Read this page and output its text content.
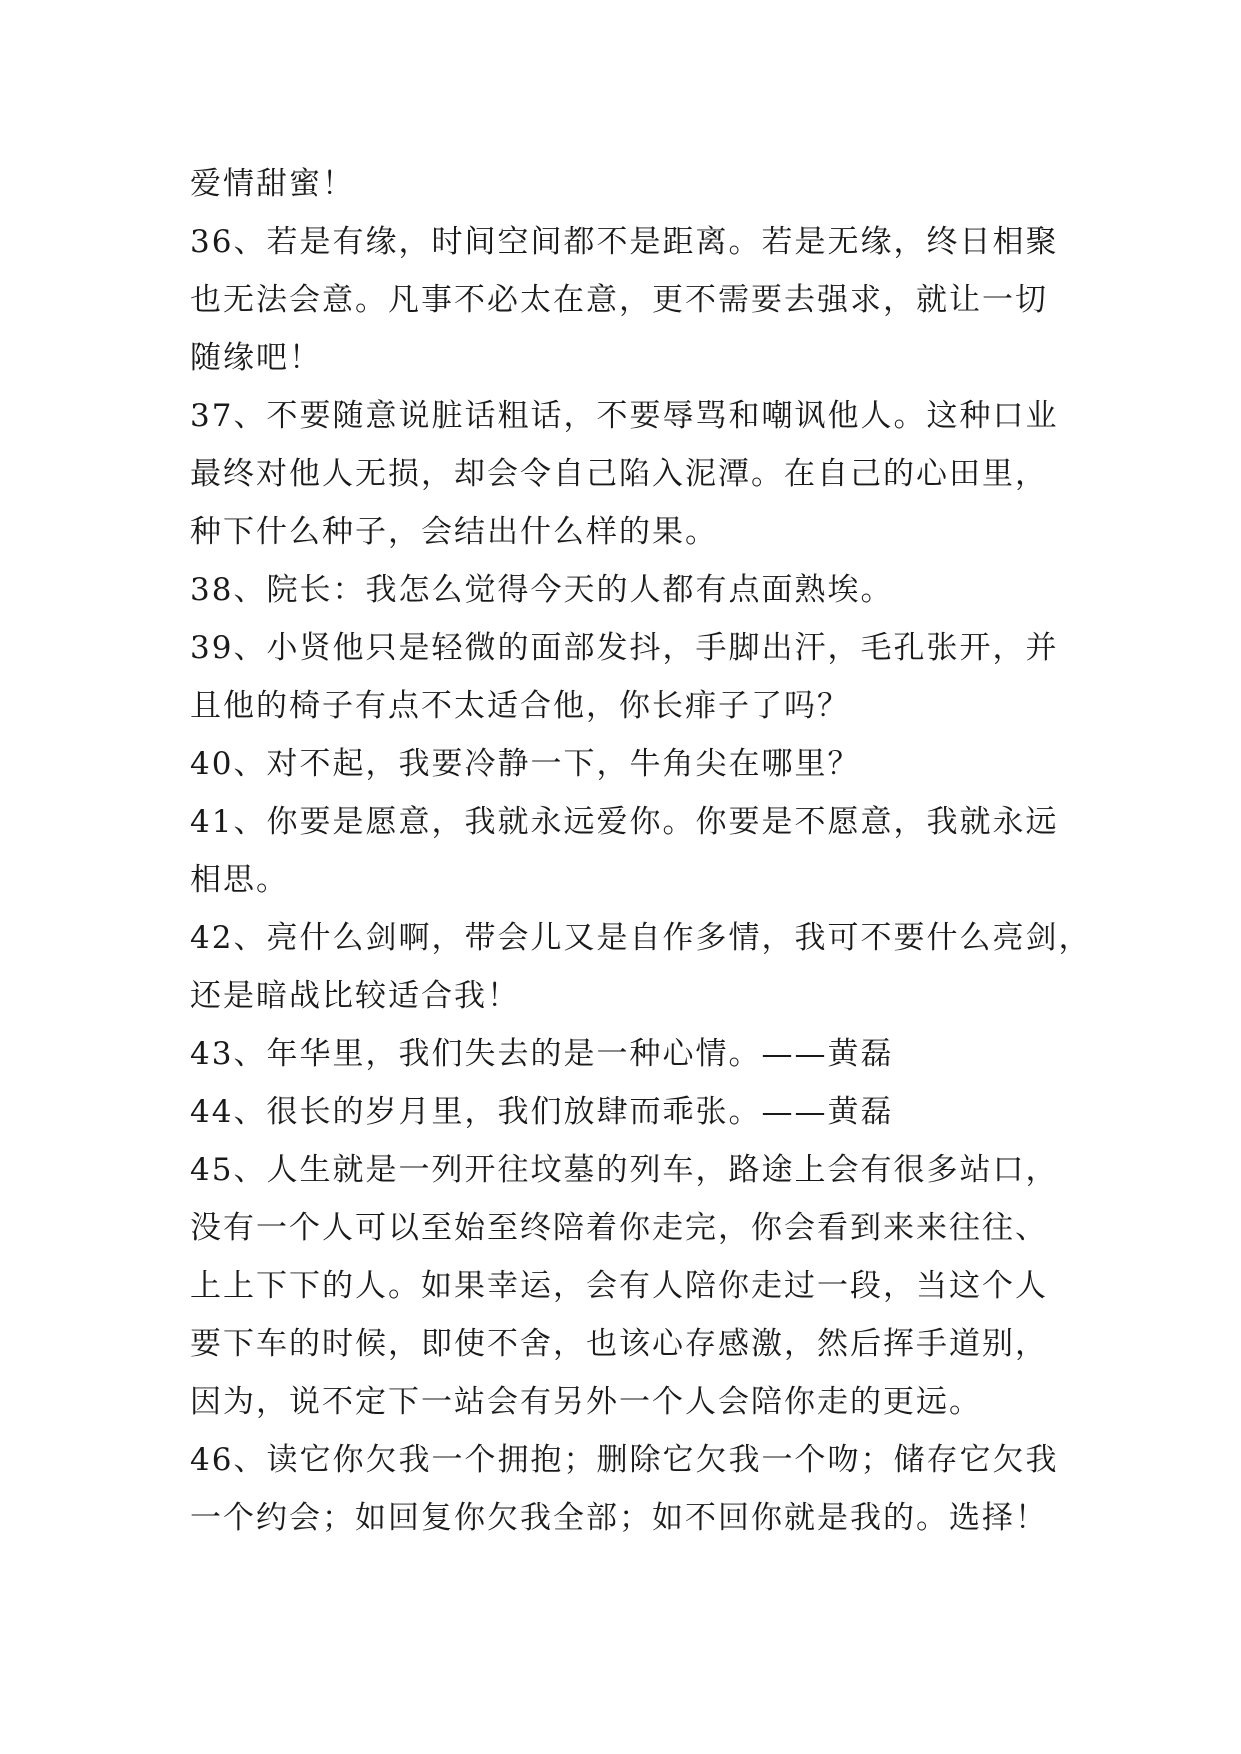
爱情甜蜜！
36、若是有缘，时间空间都不是距离。若是无缘，终日相聚
也无法会意。凡事不必太在意，更不需要去强求，就让一切
随缘吧！
37、不要随意说脏话粗话，不要辱骂和嘲讽他人。这种口业
最终对他人无损，却会令自己陷入泥潭。在自己的心田里，
种下什么种子，会结出什么样的果。
38、院长：我怎么觉得今天的人都有点面熟埃。
39、小贤他只是轻微的面部发抖，手脚出汗，毛孔张开，并
且他的椅子有点不太适合他，你长痱子了吗？
40、对不起，我要冷静一下，牛角尖在哪里？
41、你要是愿意，我就永远爱你。你要是不愿意，我就永远
相思。
42、亮什么剑啊，带会儿又是自作多情，我可不要什么亮剑，
还是暗战比较适合我！
43、年华里，我们失去的是一种心情。——黄磊
44、很长的岁月里，我们放肆而乖张。——黄磊
45、人生就是一列开往坟墓的列车，路途上会有很多站口，
没有一个人可以至始至终陪着你走完，你会看到来来往往、
上上下下的人。如果幸运，会有人陪你走过一段，当这个人
要下车的时候，即使不舍，也该心存感激，然后挥手道别，
因为，说不定下一站会有另外一个人会陪你走的更远。
46、读它你欠我一个拥抱；删除它欠我一个吻；储存它欠我
一个约会；如回复你欠我全部；如不回你就是我的。选择！
